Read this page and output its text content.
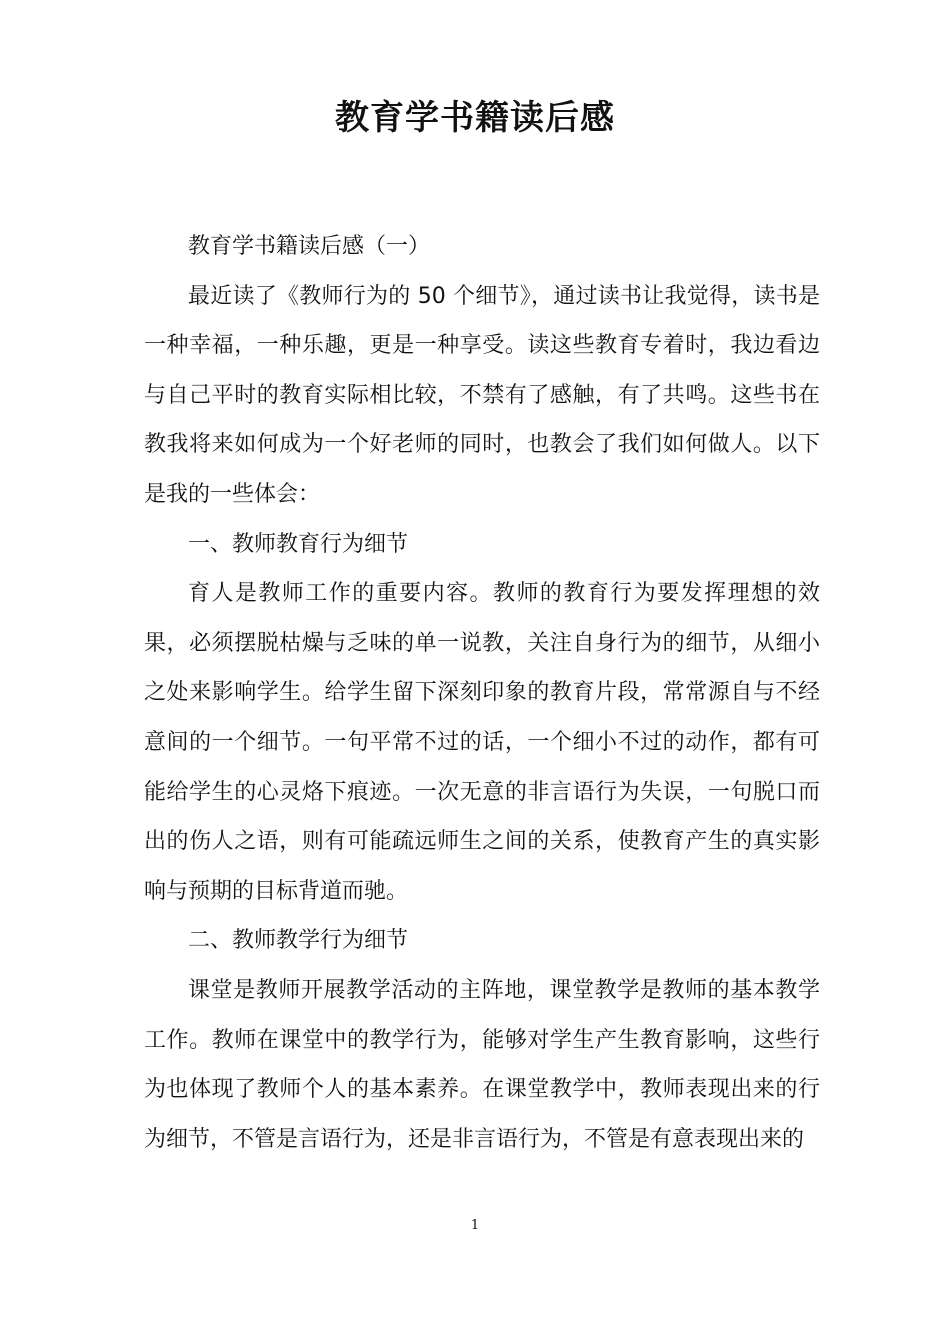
教育学书籍读后感

教育学书籍读后感（一）

最近读了《教师行为的 50 个细节》，通过读书让我觉得，读书是一种幸福，一种乐趣，更是一种享受。读这些教育专着时，我边看边与自己平时的教育实际相比较，不禁有了感触，有了共鸣。这些书在教我将来如何成为一个好老师的同时，也教会了我们如何做人。以下是我的一些体会：

一、教师教育行为细节

育人是教师工作的重要内容。教师的教育行为要发挥理想的效果，必须摆脱枯燥与乏味的单一说教，关注自身行为的细节，从细小之处来影响学生。给学生留下深刻印象的教育片段，常常源自与不经意间的一个细节。一句平常不过的话，一个细小不过的动作，都有可能给学生的心灵烙下痕迹。一次无意的非言语行为失误，一句脱口而出的伤人之语，则有可能疏远师生之间的关系，使教育产生的真实影响与预期的目标背道而驰。

二、教师教学行为细节

课堂是教师开展教学活动的主阵地，课堂教学是教师的基本教学工作。教师在课堂中的教学行为，能够对学生产生教育影响，这些行为也体现了教师个人的基本素养。在课堂教学中，教师表现出来的行为细节，不管是言语行为，还是非言语行为，不管是有意表现出来的

1
